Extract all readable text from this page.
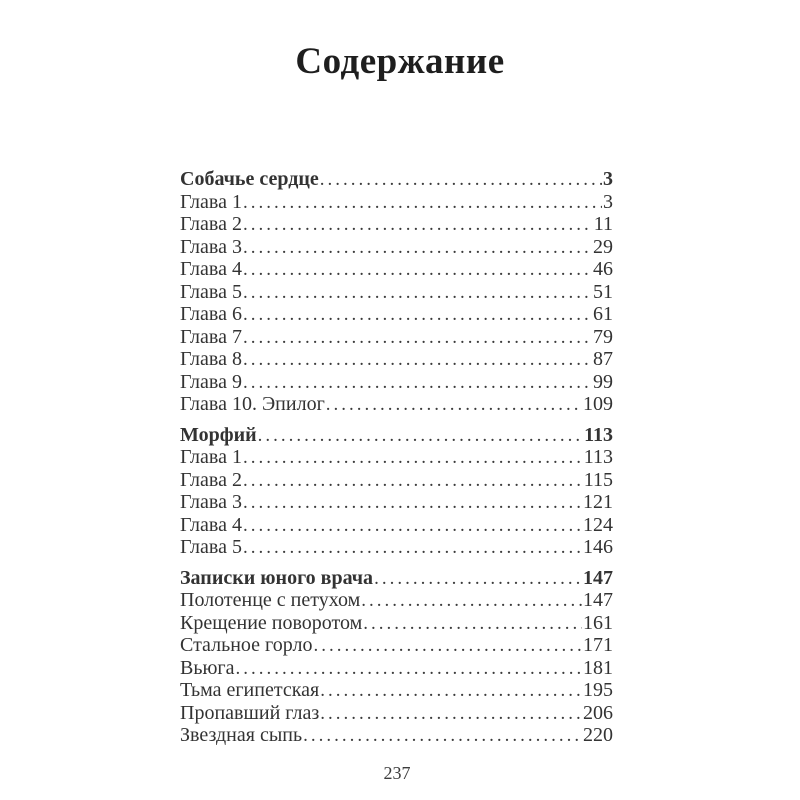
Содержание
Собачье сердце .....	3
Глава 1 .....	3
Глава 2 .....	11
Глава 3 .....	29
Глава 4 .....	46
Глава 5 .....	51
Глава 6 .....	61
Глава 7 .....	79
Глава 8 .....	87
Глава 9 .....	99
Глава 10. Эпилог .....	109
Морфий .....	113
Глава 1 .....	113
Глава 2 .....	115
Глава 3 .....	121
Глава 4 .....	124
Глава 5 .....	146
Записки юного врача .....	147
Полотенце с петухом .....	147
Крещение поворотом .....	161
Стальное горло .....	171
Вьюга .....	181
Тьма египетская .....	195
Пропавший глаз .....	206
Звездная сыпь .....	220
237
